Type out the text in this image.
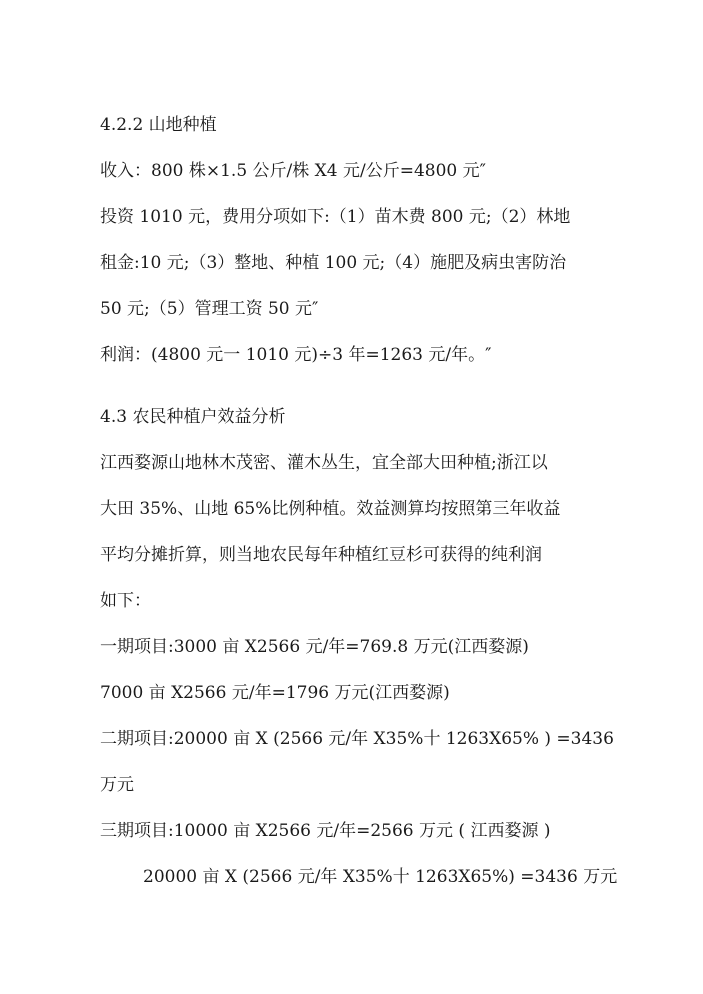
4.2.2 山地种植
收入：800 株×1.5 公斤/株 X4 元/公斤=4800 元″
投资 1010 元，费用分项如下:（1）苗木费 800 元;（2）林地
租金:10 元;（3）整地、种植 100 元;（4）施肥及病虫害防治
50 元;（5）管理工资 50 元″
利润：(4800 元一 1010 元)÷3 年=1263 元/年。″
4.3 农民种植户效益分析
江西婺源山地林木茂密、灌木丛生，宜全部大田种植;浙江以
大田 35%、山地 65%比例种植。效益测算均按照第三年收益
平均分摊折算，则当地农民每年种植红豆杉可获得的纯利润
如下：
一期项目:3000 亩 X2566 元/年=769.8 万元(江西婺源)
7000 亩 X2566 元/年=1796 万元(江西婺源)
二期项目:20000 亩 X (2566 元/年 X35%十 1263X65% ) =3436
万元
三期项目:10000 亩 X2566 元/年=2566 万元 ( 江西婺源 )
20000 亩 X (2566 元/年 X35%十 1263X65%) =3436 万元
